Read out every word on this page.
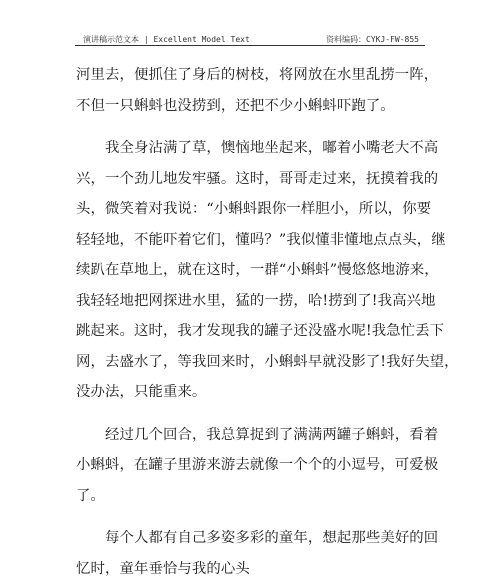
演讲稿示范文本 | Excellent Model Text	资料编码：CYKJ-FW-855
河里去，便抓住了身后的树枝，将网放在水里乱捞一阵，
不但一只蝌蚪也没捞到，还把不少小蝌蚪吓跑了。
我全身沾满了草，懊恼地坐起来，嘟着小嘴老大不高
兴，一个劲儿地发牢骚。这时，哥哥走过来，抚摸着我的
头，微笑着对我说：“小蝌蚪跟你一样胆小，所以，你要
轻轻地，不能吓着它们，懂吗？”我似懂非懂地点点头，继
续趴在草地上，就在这时，一群“小蝌蚪”慢悠悠地游来，
我轻轻地把网探进水里，猛的一捞，哈!捞到了!我高兴地
跳起来。这时，我才发现我的罐子还没盛水呢!我急忙丢下
网，去盛水了，等我回来时，小蝌蚪早就没影了!我好失望，
没办法，只能重来。
经过几个回合，我总算捉到了满满两罐子蝌蚪，看着
小蝌蚪，在罐子里游来游去就像一个个的小逗号，可爱极
了。
每个人都有自己多姿多彩的童年，想起那些美好的回
忆时，童年垂恰与我的心头
